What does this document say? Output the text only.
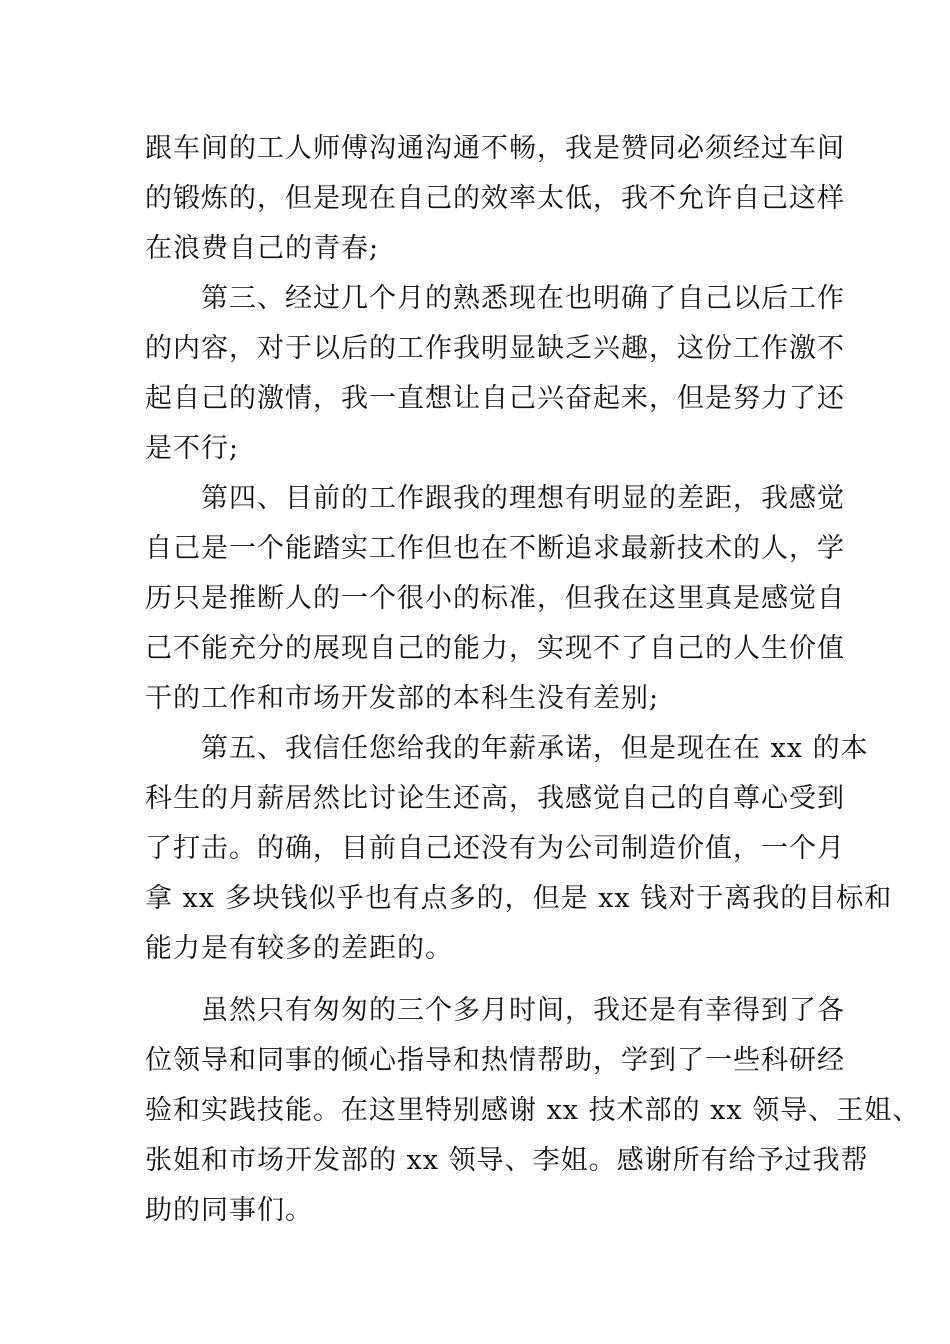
跟车间的工人师傅沟通沟通不畅，我是赞同必须经过车间
的锻炼的，但是现在自己的效率太低，我不允许自己这样
在浪费自己的青春;
第三、经过几个月的熟悉现在也明确了自己以后工作
的内容，对于以后的工作我明显缺乏兴趣，这份工作激不
起自己的激情，我一直想让自己兴奋起来，但是努力了还
是不行;
第四、目前的工作跟我的理想有明显的差距，我感觉
自己是一个能踏实工作但也在不断追求最新技术的人，学
历只是推断人的一个很小的标准，但我在这里真是感觉自
己不能充分的展现自己的能力，实现不了自己的人生价值
干的工作和市场开发部的本科生没有差别;
第五、我信任您给我的年薪承诺，但是现在在 xx 的本
科生的月薪居然比讨论生还高，我感觉自己的自尊心受到
了打击。的确，目前自己还没有为公司制造价值，一个月
拿 xx 多块钱似乎也有点多的，但是 xx 钱对于离我的目标和
能力是有较多的差距的。
虽然只有匆匆的三个多月时间，我还是有幸得到了各
位领导和同事的倾心指导和热情帮助，学到了一些科研经
验和实践技能。在这里特别感谢 xx 技术部的 xx 领导、王姐、
张姐和市场开发部的 xx 领导、李姐。感谢所有给予过我帮
助的同事们。
